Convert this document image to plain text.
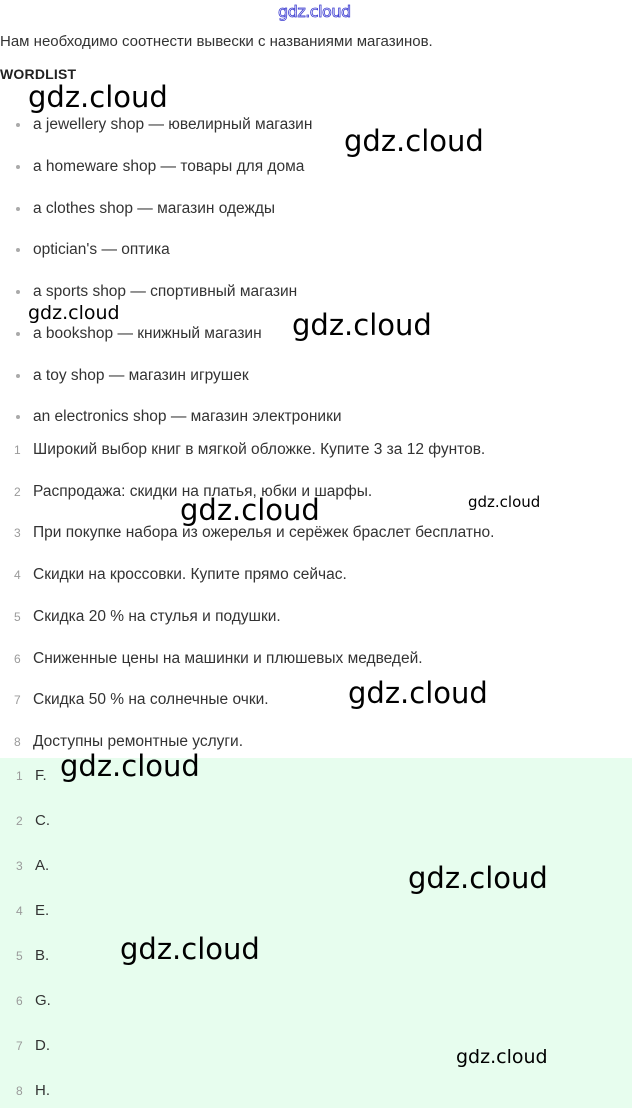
gdz.cloud
Нам необходимо соотнести вывески с названиями магазинов.
WORDLIST
a jewellery shop — ювелирный магазин
a homeware shop — товары для дома
a clothes shop — магазин одежды
optician's — оптика
a sports shop — спортивный магазин
a bookshop — книжный магазин
a toy shop — магазин игрушек
an electronics shop — магазин электроники
1 Широкий выбор книг в мягкой обложке. Купите 3 за 12 фунтов.
2 Распродажа: скидки на платья, юбки и шарфы.
3 При покупке набора из ожерелья и серёжек браслет бесплатно.
4 Скидки на кроссовки. Купите прямо сейчас.
5 Скидка 20 % на стулья и подушки.
6 Сниженные цены на машинки и плюшевых медведей.
7 Скидка 50 % на солнечные очки.
8 Доступны ремонтные услуги.
1 F.
2 C.
3 A.
4 E.
5 B.
6 G.
7 D.
8 H.
gdz.cloud
gdz.cloud
gdz.cloud	gdz.cloud
gdz.cloud
gdz.cloud
gdz.cloud
gdz.cloud
gdz.cloud
gdz.cloud
gdz.cloud
